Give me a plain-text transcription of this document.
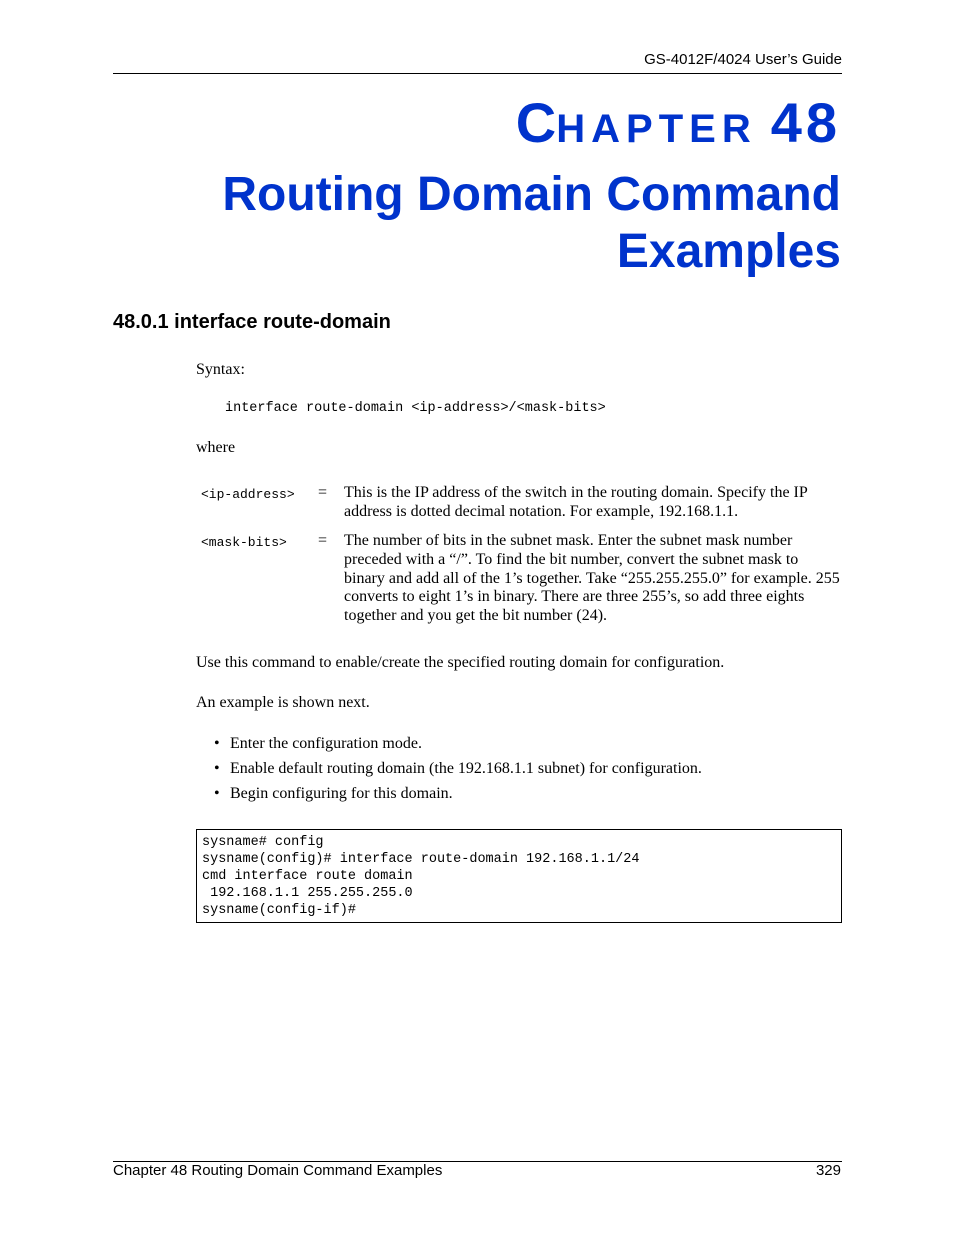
GS-4012F/4024 User’s Guide
CHAPTER 48
Routing Domain Command
Examples
48.0.1 interface route-domain
Syntax:
interface route-domain <ip-address>/<mask-bits>
where
<ip-address> = This is the IP address of the switch in the routing domain. Specify the IP address is dotted decimal notation. For example, 192.168.1.1.
<mask-bits> = The number of bits in the subnet mask. Enter the subnet mask number preceded with a “/”. To find the bit number, convert the subnet mask to binary and add all of the 1’s together. Take “255.255.255.0” for example. 255 converts to eight 1’s in binary. There are three 255’s, so add three eights together and you get the bit number (24).
Use this command to enable/create the specified routing domain for configuration.
An example is shown next.
• Enter the configuration mode.
• Enable default routing domain (the 192.168.1.1 subnet) for configuration.
• Begin configuring for this domain.
sysname# config
sysname(config)# interface route-domain 192.168.1.1/24
cmd interface route domain
192.168.1.1 255.255.255.0
sysname(config-if)#
Chapter 48 Routing Domain Command Examples	329
